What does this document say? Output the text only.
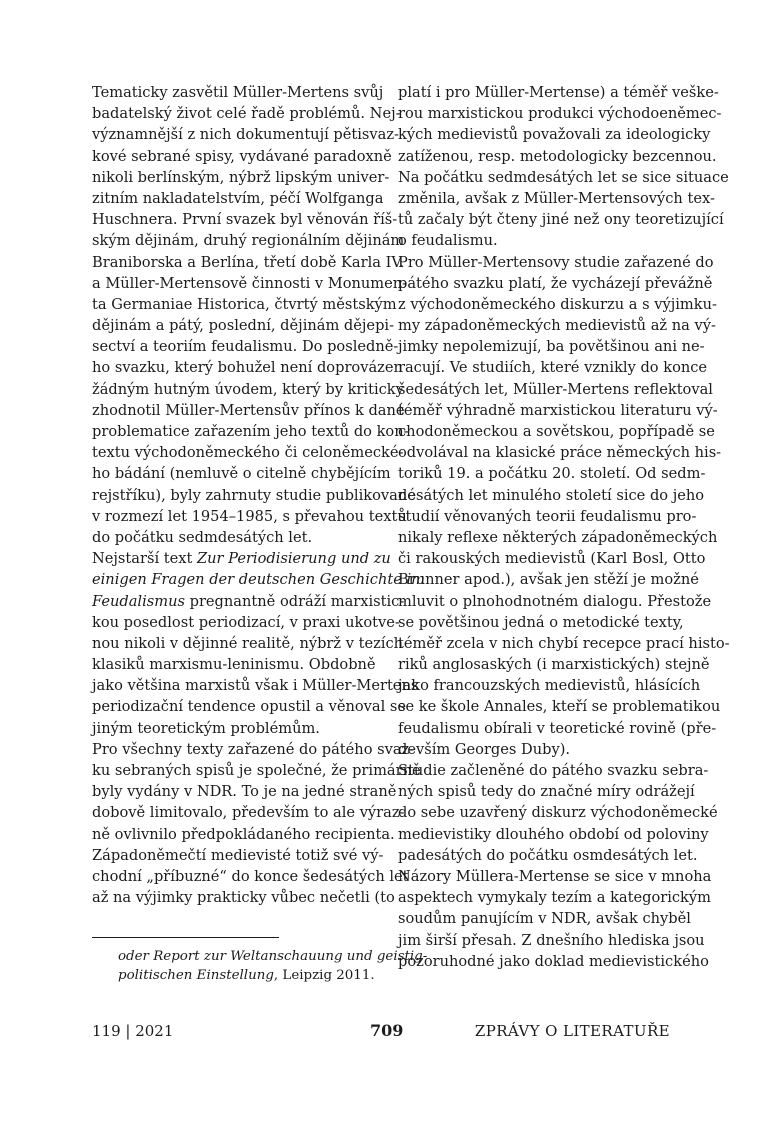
Tematicky zasvětil Müller-Mertens svůj
badatelský život celé řadě problémů. Nej-
významnější z nich dokumentují pětisvaz-
kové sebrané spisy, vydávané paradoxně
nikoli berlínským, nýbrž lipským univer-
zitním nakladatelstvím, péčí Wolfganga
Huschnera. První svazek byl věnován říš-
ským dějinám, druhý regionálním dějinám
Braniborska a Berlína, třetí době Karla IV.
a Müller-Mertensově činnosti v Monumen-
ta Germaniae Historica, čtvrtý městským
dějinám a pátý, poslední, dějinám dějepi-
sectví a teoriím feudalismu. Do posledně-
ho svazku, který bohužel není doprovázen
žádným hutným úvodem, který by kriticky
zhodnotil Müller-Mertensův přínos k dané
problematice zařazením jeho textů do kon-
textu východoněmeckého či celoněmecké-
ho bádání (nemluvě o citelně chybějícím
rejstříku), byly zahrnuty studie publikované
v rozmezí let 1954–1985, s převahou textů
do počátku sedmdesátých let.
Nejstarší text Zur Periodisierung und zu
einigen Fragen der deutschen Geschichte im
Feudalismus pregnantně odráží marxistic-
kou posedlost periodizací, v praxi ukotve-
nou nikoli v dějinné realitě, nýbrž v tezích
klasiků marxismu-leninismu. Obdobně
jako většina marxistů však i Müller-Mertens
periodizační tendence opustil a věnoval se
jiným teoretickým problémům.
Pro všechny texty zařazené do pátého svaz-
ku sebraných spisů je společné, že primárně
byly vydány v NDR. To je na jedné straně
dobově limitovalo, především to ale výraz-
ně ovlivnilo předpokládaného recipienta.
Západoněmečtí medievisté totiž své vý-
chodní „příbuzné“ do konce šedesátých let
až na výjimky prakticky vůbec nečetli (to
platí i pro Müller-Mertense) a téměř veške-
rou marxistickou produkci východoeněmec-
kých medievistů považovali za ideologicky
zatíženou, resp. metodologicky bezcennou.
Na počátku sedmdesátých let se sice situace
změnila, avšak z Müller-Mertensových tex-
tů začaly být čteny jiné než ony teoretizující
o feudalismu.
Pro Müller-Mertensovy studie zařazené do
pátého svazku platí, že vycházejí převážně
z východoněmeckého diskurzu a s výjimku-
my západoněmeckých medievistů až na vý-
jimky nepolemizují, ba povětšinou ani ne-
racují. Ve studiích, které vznikly do konce
šedesátých let, Müller-Mertens reflektoval
téměř výhradně marxistickou literaturu vý-
chodoněmeckou a sovětskou, popřípadě se
odvolával na klasické práce německých his-
toriků 19. a počátku 20. století. Od sedm-
desátých let minulého století sice do jeho
studií věnovaných teorii feudalismu pro-
nikaly reflexe některých západoněmeckých
či rakouských medievistů (Karl Bosl, Otto
Brunner apod.), avšak jen stěží je možné
mluvit o plnohodnotném dialogu. Přestože
se povětšinou jedná o metodické texty,
téměř zcela v nich chybí recepce prací histo-
riků anglosaských (i marxistických) stejně
jako francouzských medievistů, hlásících
se ke škole Annales, kteří se problematikou
feudalismu obírali v teoretické rovině (pře-
devším Georges Duby).
Studie začleněné do pátého svazku sebra-
ných spisů tedy do značné míry odrážejí
do sebe uzavřený diskurz východoněmecké
medievistiky dlouhého období od poloviny
padesátých do počátku osmdesátých let.
Názory Müllera-Mertense se sice v mnoha
aspektech vymykaly tezím a kategorickým
soudům panujícím v NDR, avšak chyběl
jim širší přesah. Z dnešního hlediska jsou
pozoruhodné jako doklad medievistického
oder Report zur Weltanschauung und geistig-
politischen Einstellung, Leipzig 2011.
119 | 2021	709	ZPRÁVY O LITERATUŘE
